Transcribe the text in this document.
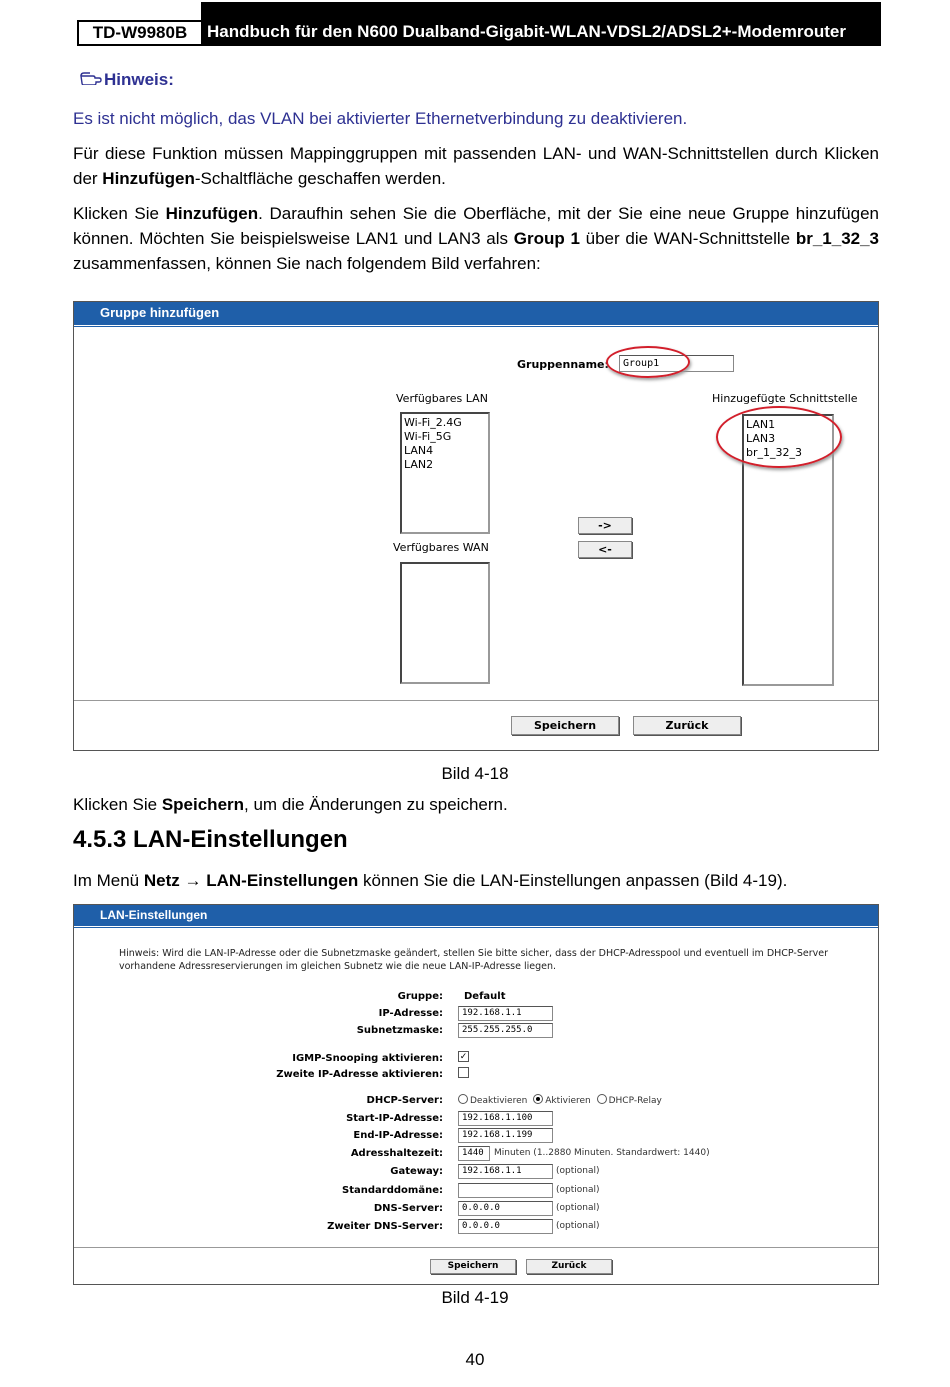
TD-W9980B	Handbuch für den N600 Dualband-Gigabit-WLAN-VDSL2/ADSL2+-Modemrouter
Hinweis:
Es ist nicht möglich, das VLAN bei aktivierter Ethernetverbindung zu deaktivieren.
Für diese Funktion müssen Mappinggruppen mit passenden LAN- und WAN-Schnittstellen durch Klicken der Hinzufügen-Schaltfläche geschaffen werden.
Klicken Sie Hinzufügen. Daraufhin sehen Sie die Oberfläche, mit der Sie eine neue Gruppe hinzufügen können. Möchten Sie beispielsweise LAN1 und LAN3 als Group 1 über die WAN-Schnittstelle br_1_32_3 zusammenfassen, können Sie nach folgendem Bild verfahren:
Gruppe hinzufügen
Gruppenname:	Group1
Verfügbares LAN
Wi-Fi_2.4G
Wi-Fi_5G
LAN4
LAN2
Verfügbares WAN
->
<-
Hinzugefügte Schnittstelle
LAN1
LAN3
br_1_32_3
Speichern	Zurück
Bild 4-18
Klicken Sie Speichern, um die Änderungen zu speichern.
4.5.3 LAN-Einstellungen
Im Menü Netz → LAN-Einstellungen können Sie die LAN-Einstellungen anpassen (Bild 4-19).
LAN-Einstellungen
Hinweis: Wird die LAN-IP-Adresse oder die Subnetzmaske geändert, stellen Sie bitte sicher, dass der DHCP-Adresspool und eventuell im DHCP-Server vorhandene Adressreservierungen im gleichen Subnetz wie die neue LAN-IP-Adresse liegen.
Gruppe: Default
IP-Adresse:	192.168.1.1
Subnetzmaske:	255.255.255.0
IGMP-Snooping aktivieren: ✓
Zweite IP-Adresse aktivieren:
DHCP-Server:	Deaktivieren Aktivieren DHCP-Relay
Start-IP-Adresse:	192.168.1.100
End-IP-Adresse:	192.168.1.199
Adresshaltezeit:	1440	Minuten (1..2880 Minuten. Standardwert: 1440)
Gateway:	192.168.1.1	(optional)
Standarddomäne:	(optional)
DNS-Server:	0.0.0.0	(optional)
Zweiter DNS-Server:	0.0.0.0	(optional)
Speichern	Zurück
Bild 4-19
40
